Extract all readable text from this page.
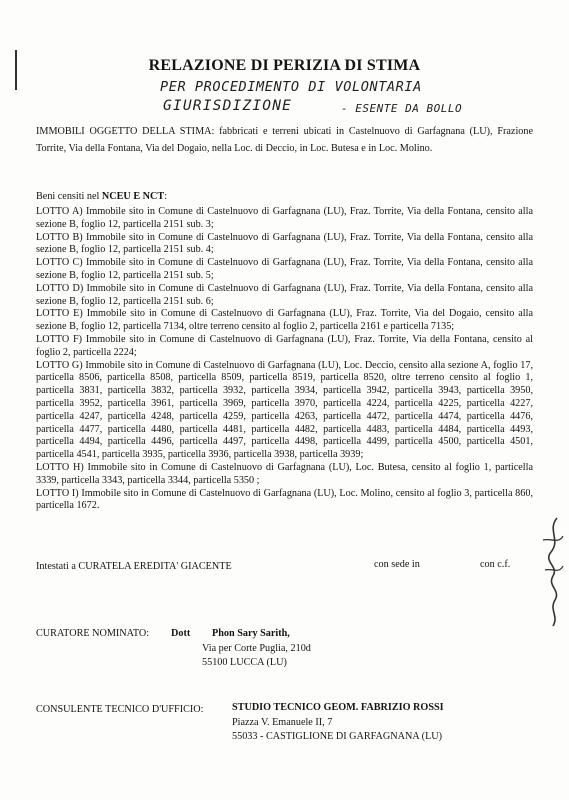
RELAZIONE DI PERIZIA DI STIMA
PER PROCEDIMENTO DI VOLONTARIA
GIURISDIZIONE	- ESENTE DA BOLLO
IMMOBILI OGGETTO DELLA STIMA: fabbricati e terreni ubicati in Castelnuovo di Garfagnana (LU), Frazione Torrite, Via della Fontana, Via del Dogaio, nella Loc. di Deccio, in Loc. Butesa e in Loc. Molino.
Beni censiti nel NCEU E NCT:

LOTTO A) Immobile sito in Comune di Castelnuovo di Garfagnana (LU), Fraz. Torrite, Via della Fontana, censito alla sezione B, foglio 12, particella 2151 sub. 3;

LOTTO B) Immobile sito in Comune di Castelnuovo di Garfagnana (LU), Fraz. Torrite, Via della Fontana, censito alla sezione B, foglio 12, particella 2151 sub. 4;

LOTTO C) Immobile sito in Comune di Castelnuovo di Garfagnana (LU), Fraz. Torrite, Via della Fontana, censito alla sezione B, foglio 12, particella 2151 sub. 5;

LOTTO D) Immobile sito in Comune di Castelnuovo di Garfagnana (LU), Fraz. Torrite, Via della Fontana, censito alla sezione B, foglio 12, particella 2151 sub. 6;

LOTTO E) Immobile sito in Comune di Castelnuovo di Garfagnana (LU), Fraz. Torrite, Via del Dogaio, censito alla sezione B, foglio 12, particella 7134, oltre terreno censito al foglio 2, particella 2161 e particella 7135;

LOTTO F) Immobile sito in Comune di Castelnuovo di Garfagnana (LU), Fraz. Torrite, Via della Fontana, censito al foglio 2, particella 2224;

LOTTO G) Immobile sito in Comune di Castelnuovo di Garfagnana (LU), Loc. Deccio, censito alla sezione A, foglio 17, particella 8506, particella 8508, particella 8509, particella 8519, particella 8520, oltre terreno censito al foglio 1, particella 3831, particella 3832, particella 3932, particella 3934, particella 3942, particella 3943, particella 3950, particella 3952, particella 3961, particella 3969, particella 3970, particella 4224, particella 4225, particella 4227, particella 4247, particella 4248, particella 4259, particella 4263, particella 4472, particella 4474, particella 4476, particella 4477, particella 4480, particella 4481, particella 4482, particella 4483, particella 4484, particella 4493, particella 4494, particella 4496, particella 4497, particella 4498, particella 4499, particella 4500, particella 4501, particella 4541, particella 3935, particella 3936, particella 3938, particella 3939;

LOTTO H) Immobile sito in Comune di Castelnuovo di Garfagnana (LU), Loc. Butesa, censito al foglio 1, particella 3339, particella 3343, particella 3344, particella 5350 ;

LOTTO I) Immobile sito in Comune di Castelnuovo di Garfagnana (LU), Loc. Molino, censito al foglio 3, particella 860, particella 1672.

Intestati a CURATELA EREDITA' GIACENTE	con sede in	con c.f.
CURATORE NOMINATO: Dott Phon Sary Sarith,
Via per Corte Puglia, 210d
55100 LUCCA (LU)
CONSULENTE TECNICO D'UFFICIO:	STUDIO TECNICO GEOM. FABRIZIO ROSSI
Piazza V. Emanuele II, 7
55033 - CASTIGLIONE DI GARFAGNANA (LU)
